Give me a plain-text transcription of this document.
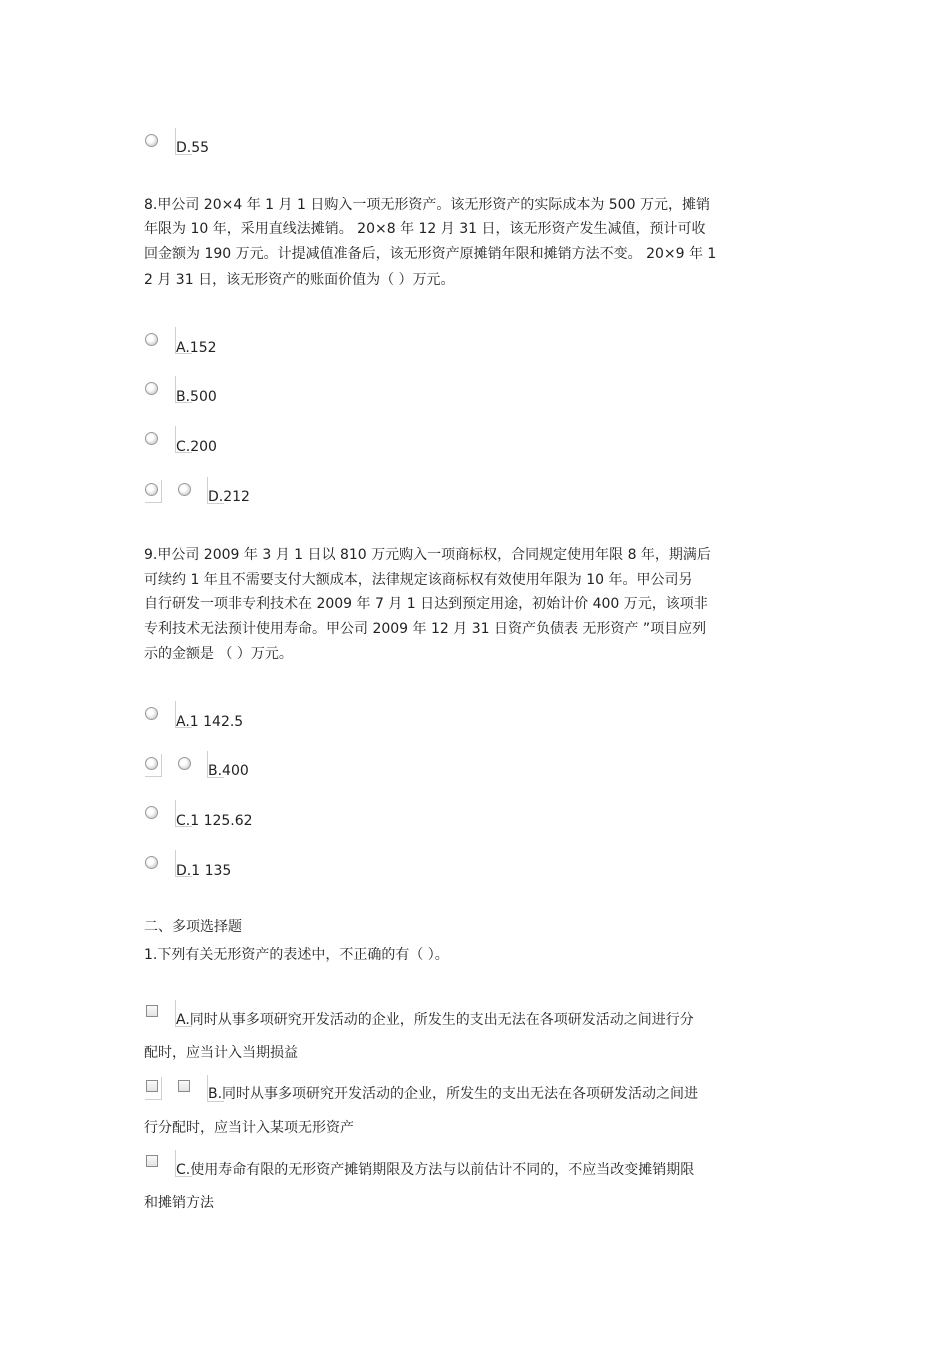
D.55
8.甲公司 20×4 年 1 月 1 日购入一项无形资产。该无形资产的实际成本为 500 万元，摊销
年限为 10 年，采用直线法摊销。 20×8 年 12 月 31 日，该无形资产发生减值，预计可收
回金额为 190 万元。计提减值准备后，该无形资产原摊销年限和摊销方法不变。 20×9 年 1
2 月 31 日，该无形资产的账面价值为（ ）万元。
A.152
B.500
C.200
D.212
9.甲公司 2009 年 3 月 1 日以 810 万元购入一项商标权，合同规定使用年限 8 年，期满后
可续约 1 年且不需要支付大额成本，法律规定该商标权有效使用年限为 10 年。甲公司另
自行研发一项非专利技术在 2009 年 7 月 1 日达到预定用途，初始计价 400 万元，该项非
专利技术无法预计使用寿命。甲公司 2009 年 12 月 31 日资产负债表 无形资产 ”项目应列
示的金额是 （ ）万元。
A.1 142.5
B.400
C.1 125.62
D.1 135
二、多项选择题
1.下列有关无形资产的表述中，不正确的有（ ）。
A.同时从事多项研究开发活动的企业，所发生的支出无法在各项研发活动之间进行分
配时，应当计入当期损益
B.同时从事多项研究开发活动的企业，所发生的支出无法在各项研发活动之间进
行分配时，应当计入某项无形资产
C.使用寿命有限的无形资产摊销期限及方法与以前估计不同的，不应当改变摊销期限
和摊销方法
